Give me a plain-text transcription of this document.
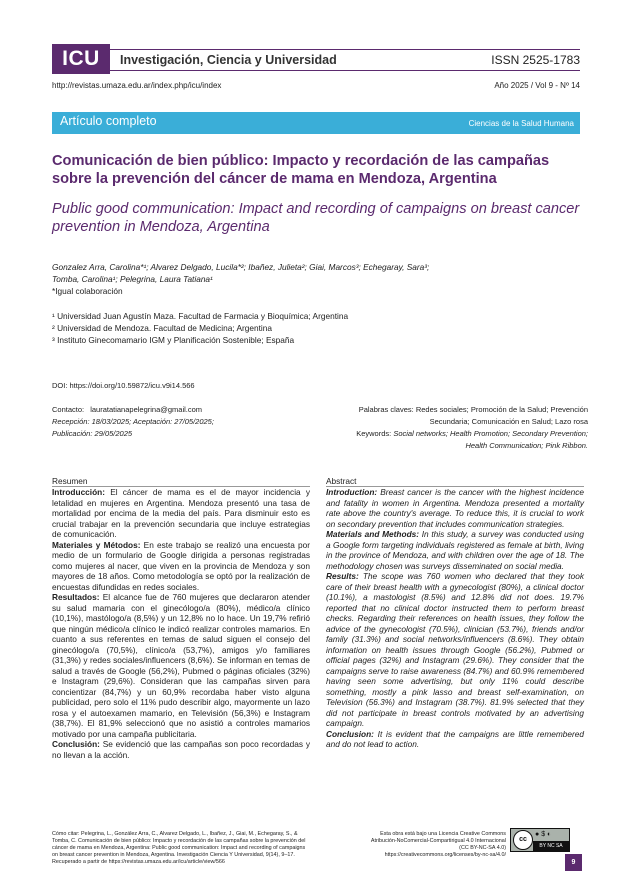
ICU	Investigación, Ciencia y Universidad	ISSN 2525-1783
http://revistas.umaza.edu.ar/index.php/icu/index	Año 2025 / Vol 9 - Nº 14
Artículo completo	Ciencias de la Salud Humana
Comunicación de bien público: Impacto y recordación de las campañas sobre la prevención del cáncer de mama en Mendoza, Argentina
Public good communication: Impact and recording of campaigns on breast cancer prevention in Mendoza, Argentina
Gonzalez Arra, Carolina*¹; Alvarez Delgado, Lucila*²; Ibañez, Julieta²; Giai, Marcos³; Echegaray, Sara³;
Tomba, Carolina¹; Pelegrina, Laura Tatiana¹
*Igual colaboración
¹ Universidad Juan Agustín Maza. Facultad de Farmacia y Bioquímica; Argentina
² Universidad de Mendoza. Facultad de Medicina; Argentina
³ Instituto Ginecomamario IGM y Planificación Sostenible; España
DOI: https://doi.org/10.59872/icu.v9i14.566
Contacto: lauratatianapelegrina@gmail.com
Recepción: 18/03/2025; Aceptación: 27/05/2025;
Publicación: 29/05/2025
Palabras claves: Redes sociales; Promoción de la Salud; Prevención
Secundaria; Comunicación en Salud; Lazo rosa
Keywords: Social networks; Health Promotion; Secondary Prevention;
Health Communication; Pink Ribbon.
Resumen

Introducción: El cáncer de mama es el de mayor incidencia y letalidad en mujeres en Argentina. Mendoza presentó una tasa de mortalidad por encima de la media del país. Para disminuir esto es crucial trabajar en la prevención secundaria que incluye estrategias de comunicación.

Materiales y Métodos: En este trabajo se realizó una encuesta por medio de un formulario de Google dirigida a personas registradas como mujeres al nacer, que viven en la provincia de Mendoza y son mayores de 18 años. Como metodología se optó por la realización de encuestas difundidas en redes sociales.

Resultados: El alcance fue de 760 mujeres que declararon atender su salud mamaria con el ginecólogo/a (80%), médico/a clínico (10,1%), mastólogo/a (8,5%) y un 12,8% no lo hace. Un 19,7% refirió que ningún médico/a clínico le indicó realizar controles mamarios. En cuanto a sus referentes en temas de salud siguen el consejo del ginecólogo/a (70,5%), clínico/a (53,7%), amigos y/o familiares (31,3%) y redes sociales/influencers (8,6%). Se informan en temas de salud a través de Google (56,2%), Pubmed o páginas oficiales (32%) e Instagram (29,6%). Consideran que las campañas sirven para concientizar (84,7%) y un 60,9% recordaba haber visto alguna publicidad, pero solo el 11% pudo describir algo, mayormente un lazo rosa y el autoexamen mamario, en Televisión (56,3%) e Instagram (38,7%). El 81,9% seleccionó que no asistió a controles mamarios motivado por una campaña publicitaria.

Conclusión: Se evidenció que las campañas son poco recordadas y no llevan a la acción.

Abstract

Introduction: Breast cancer is the cancer with the highest incidence and fatality in women in Argentina. Mendoza presented a mortality rate above the country's average. To reduce this, it is crucial to work on secondary prevention that includes communication strategies.

Materials and Methods: In this study, a survey was conducted using a Google form targeting individuals registered as female at birth, living in the province of Mendoza, and with children over the age of 18. The methodology chosen was surveys disseminated on social media.

Results: The scope was 760 women who declared that they took care of their breast health with a gynecologist (80%), a clinical doctor (10.1%), a mastologist (8.5%) and 12.8% did not does. 19.7% reported that no clinical doctor instructed them to perform breast checks. Regarding their references on health issues, they follow the advice of the gynecologist (70.5%), clinician (53.7%), friends and/or family (31.3%) and social networks/influencers (8.6%). They obtain information on health issues through Google (56.2%), Pubmed or official pages (32%) and Instagram (29.6%). They consider that the campaigns serve to raise awareness (84.7%) and 60.9% remembered having seen some advertising, but only 11% could describe something, mostly a pink lasso and breast self-examination, on Television (56.3%) and Instagram (38.7%). 81.9% selected that they did not participate in breast controls motivated by an advertising campaign.

Conclusion: It is evident that the campaigns are little remembered and do not lead to action.

Cómo citar: Pelegrina, L., González Arra, C., Alvarez Delgado, L., Ibañez, J., Giai, M., Echegaray, S., & Tomba, C. Comunicación de bien público: Impacto y recordación de las campañas sobre la prevención del cáncer de mama en Mendoza, Argentina: Public good communication: Impact and recording of campaigns on breast cancer prevention in Mendoza, Argentina. Investigación Ciencia Y Universidad, 9(14), 9–17. Recuperado a partir de https://revistas.umaza.edu.ar/icu/article/view/566
Esta obra está bajo una Licencia Creative Commons
Atribución-NoComercial-Compartirigual 4.0 Internacional
(CC BY-NC-SA 4.0)
https://creativecommons.org/licenses/by-nc-sa/4.0/
cc
●$◐
BY NC SA
9
